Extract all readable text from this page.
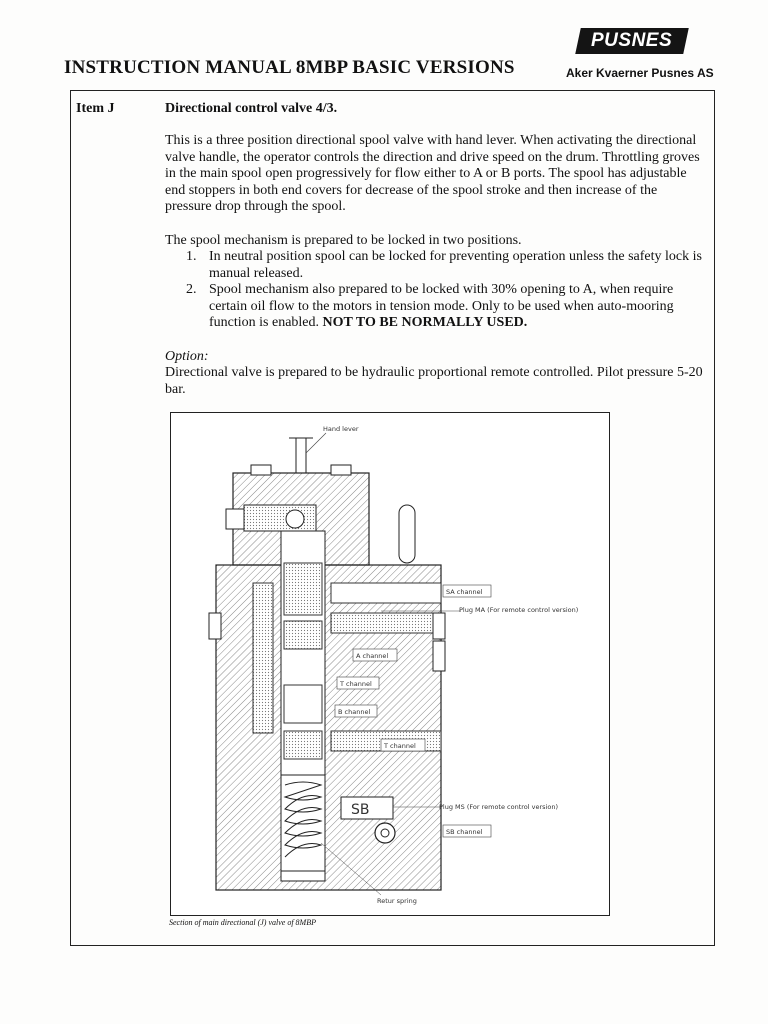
PUSNES
INSTRUCTION MANUAL 8MBP BASIC VERSIONS	Aker Kvaerner Pusnes AS
Item J	Directional control valve 4/3.
This is a three position directional spool valve with hand lever. When activating the directional valve handle, the operator controls the direction and drive speed on the drum. Throttling groves in the main spool open progressively for flow either to A or B ports. The spool has adjustable end stoppers in both end covers for decrease of the spool stroke and then increase of the pressure drop through the spool.
The spool mechanism is prepared to be locked in two positions.
1. In neutral position spool can be locked for preventing operation unless the safety lock is manual released.
2. Spool mechanism also prepared to be locked with 30% opening to A, when require certain oil flow to the motors in tension mode. Only to be used when auto-mooring function is enabled. NOT TO BE NORMALLY USED.
Option:
Directional valve is prepared to be hydraulic proportional remote controlled. Pilot pressure 5-20 bar.
Hand lever
SB
SA channel
Plug MA (For remote control version)
A channel
T channel
B channel
T channel
Plug MS (For remote control version)
SB channel
Retur spring
Section of main directional (J) valve of 8MBP
